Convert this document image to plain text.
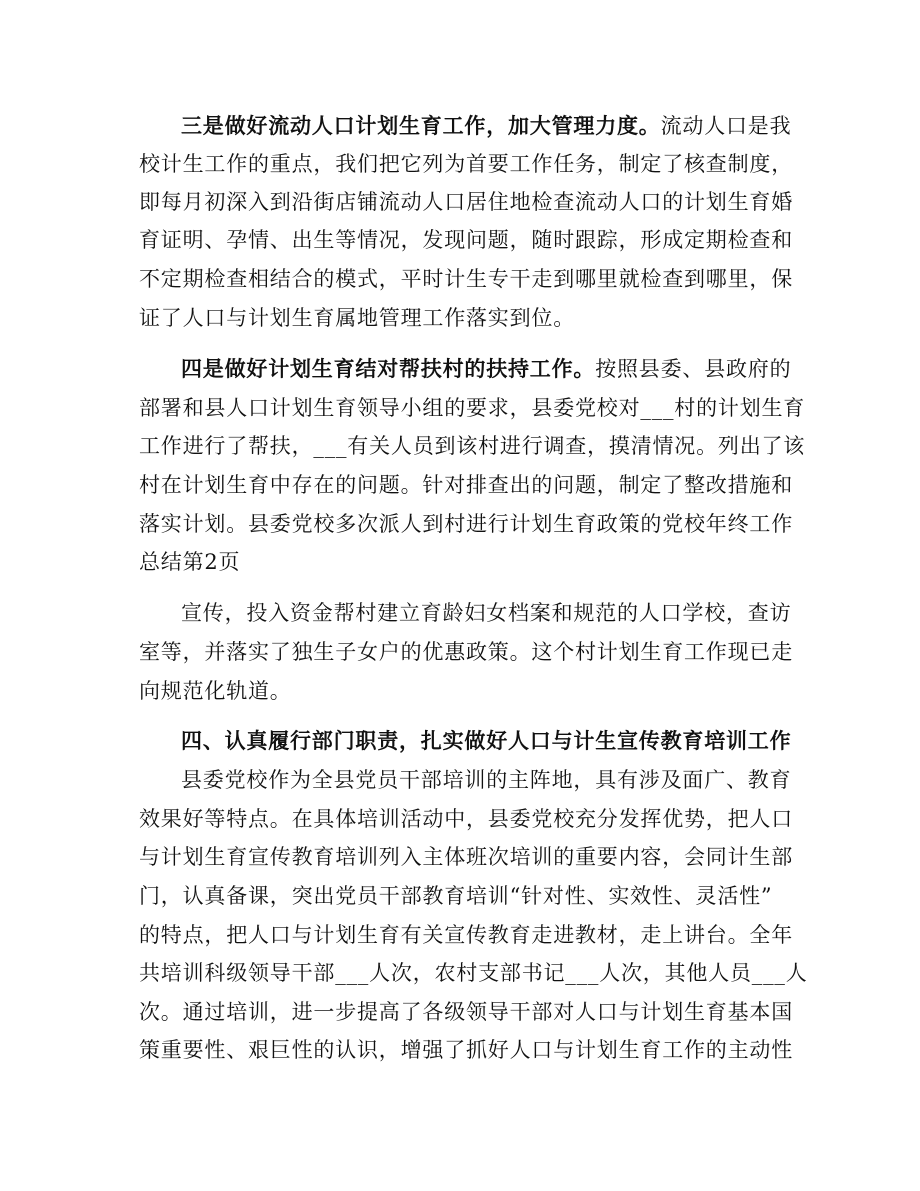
三是做好流动人口计划生育工作，加大管理力度。流动人口是我
校计生工作的重点，我们把它列为首要工作任务，制定了核查制度，
即每月初深入到沿街店铺流动人口居住地检查流动人口的计划生育婚
育证明、孕情、出生等情况，发现问题，随时跟踪，形成定期检查和
不定期检查相结合的模式，平时计生专干走到哪里就检查到哪里，保
证了人口与计划生育属地管理工作落实到位。
四是做好计划生育结对帮扶村的扶持工作。按照县委、县政府的
部署和县人口计划生育领导小组的要求，县委党校对___村的计划生育
工作进行了帮扶，___有关人员到该村进行调查，摸清情况。列出了该
村在计划生育中存在的问题。针对排查出的问题，制定了整改措施和
落实计划。县委党校多次派人到村进行计划生育政策的党校年终工作
总结第2页
宣传，投入资金帮村建立育龄妇女档案和规范的人口学校，查访
室等，并落实了独生子女户的优惠政策。这个村计划生育工作现已走
向规范化轨道。
四、认真履行部门职责，扎实做好人口与计生宣传教育培训工作
县委党校作为全县党员干部培训的主阵地，具有涉及面广、教育
效果好等特点。在具体培训活动中，县委党校充分发挥优势，把人口
与计划生育宣传教育培训列入主体班次培训的重要内容，会同计生部
门，认真备课，突出党员干部教育培训“针对性、实效性、灵活性”
的特点，把人口与计划生育有关宣传教育走进教材，走上讲台。全年
共培训科级领导干部___人次，农村支部书记___人次，其他人员___人
次。通过培训，进一步提高了各级领导干部对人口与计划生育基本国
策重要性、艰巨性的认识，增强了抓好人口与计划生育工作的主动性
